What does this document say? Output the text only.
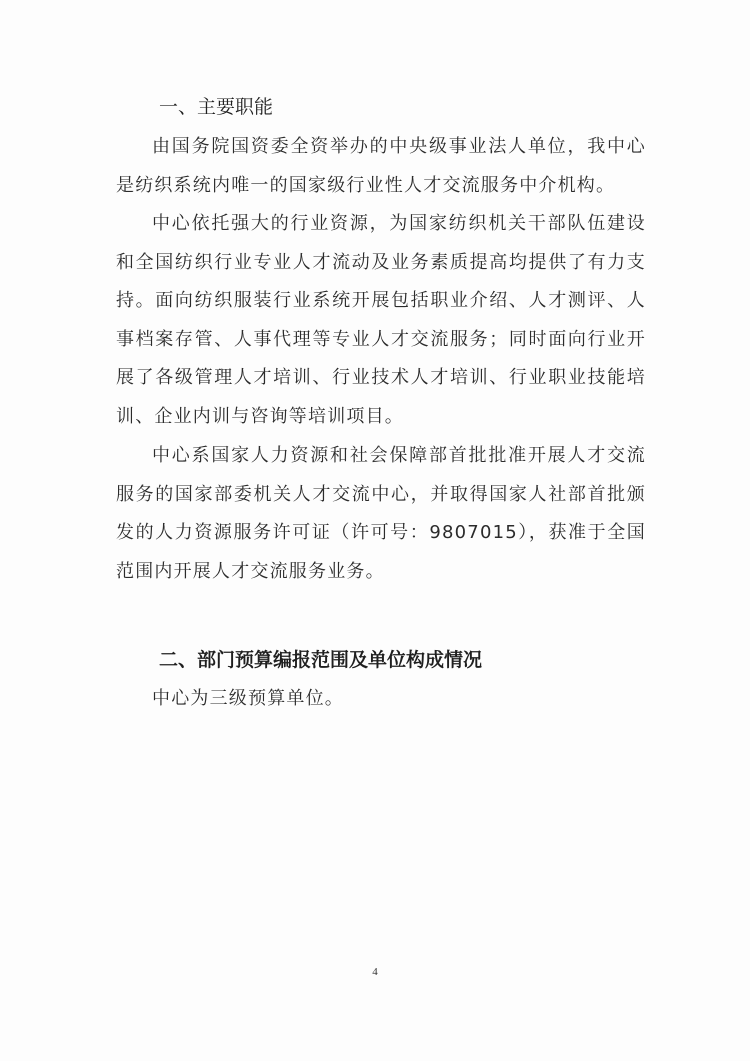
一、主要职能

由国务院国资委全资举办的中央级事业法人单位，我中心是纺织系统内唯一的国家级行业性人才交流服务中介机构。

中心依托强大的行业资源，为国家纺织机关干部队伍建设和全国纺织行业专业人才流动及业务素质提高均提供了有力支持。面向纺织服装行业系统开展包括职业介绍、人才测评、人事档案存管、人事代理等专业人才交流服务；同时面向行业开展了各级管理人才培训、行业技术人才培训、行业职业技能培训、企业内训与咨询等培训项目。

中心系国家人力资源和社会保障部首批批准开展人才交流服务的国家部委机关人才交流中心，并取得国家人社部首批颁发的人力资源服务许可证（许可号：9807015），获准于全国范围内开展人才交流服务业务。

二、部门预算编报范围及单位构成情况

中心为三级预算单位。

4
